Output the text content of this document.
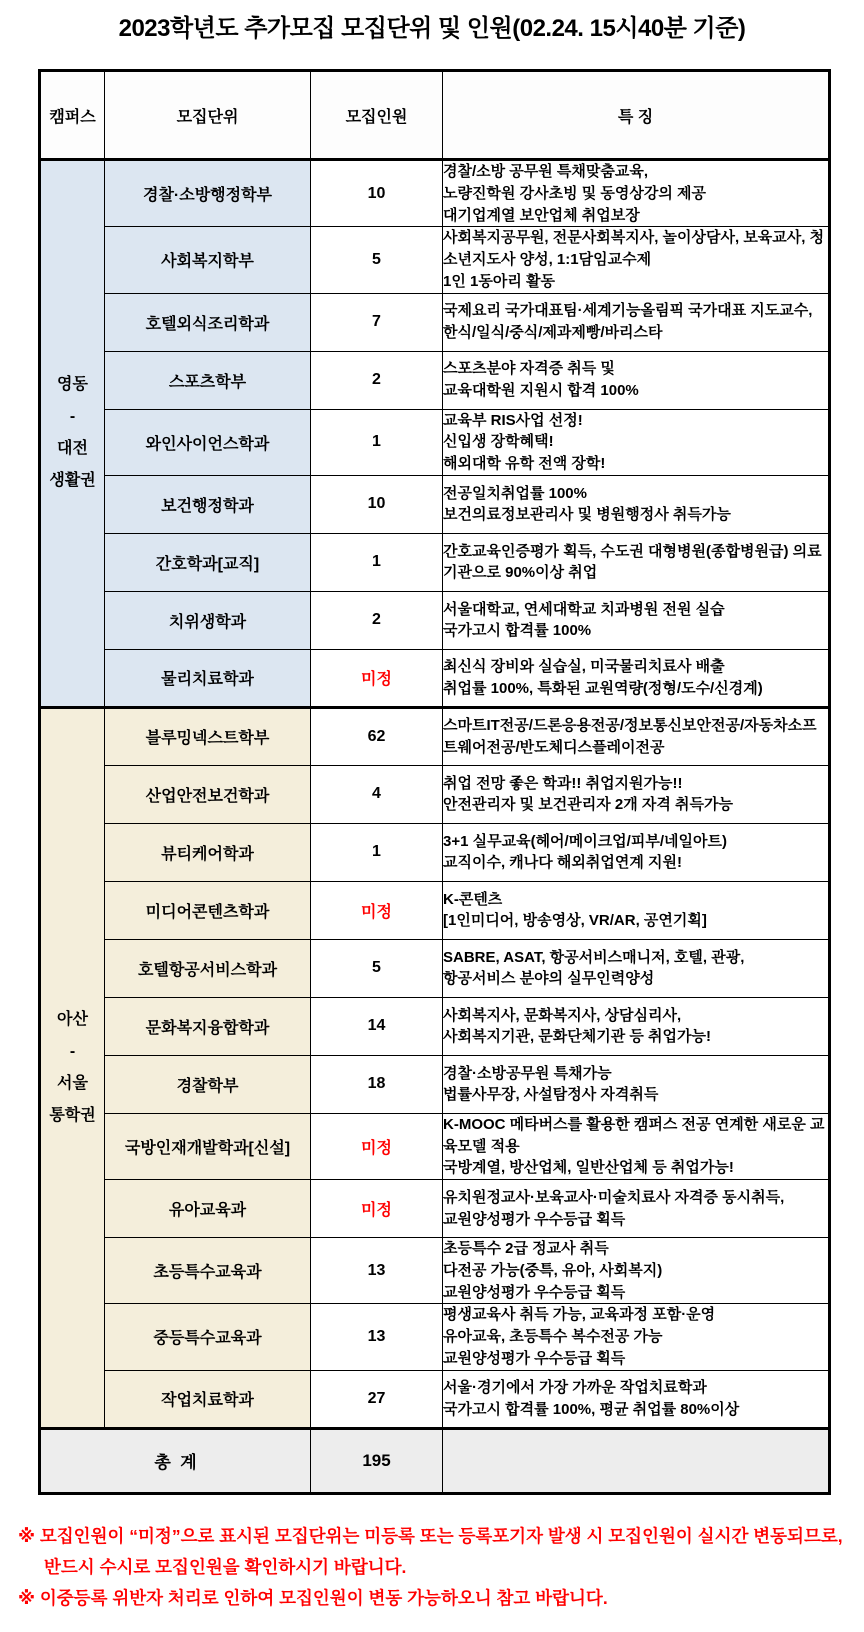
2023학년도 추가모집 모집단위 및 인원(02.24. 15시40분 기준)
캠퍼스	모집단위	모집인원	특 징

영동
-
대전
생활권
	경찰·소방행정학부	10	
경찰/소방 공무원 특채맞춤교육,
노량진학원 강사초빙 및 동영상강의 제공
대기업계열 보안업체 취업보장

	사회복지학부	5	사회복지공무원, 전문사회복지사, 놀이상담사, 보육교사, 청소년지도사 양성, 1:1담임교수제
1인 1동아리 활동

	호텔외식조리학과	7	국제요리 국가대표팀·세계기능올림픽 국가대표 지도교수, 한식/일식/중식/제과제빵/바리스타

	스포츠학부	2	스포츠분야 자격증 취득 및
교육대학원 지원시 합격 100%

	와인사이언스학과	1	교육부 RIS사업 선정!
신입생 장학혜택!
해외대학 유학 전액 장학!

	보건행정학과	10	전공일치취업률 100%
보건의료정보관리사 및 병원행정사 취득가능

	간호학과[교직]	1	간호교육인증평가 획득, 수도권 대형병원(종합병원급) 의료기관으로 90%이상 취업

	치위생학과	2	서울대학교, 연세대학교 치과병원 전원 실습
국가고시 합격률 100%

	물리치료학과	미정	최신식 장비와 실습실, 미국물리치료사 배출
취업률 100%, 특화된 교원역량(정형/도수/신경계)

아산
-
서울
통학권	블루밍넥스트학부	62	스마트IT전공/드론응용전공/정보통신보안전공/자동차소프트웨어전공/반도체디스플레이전공

	산업안전보건학과	4	취업 전망 좋은 학과!! 취업지원가능!!
안전관리자 및 보건관리자 2개 자격 취득가능

	뷰티케어학과	1	3+1 실무교육(헤어/메이크업/피부/네일아트)
교직이수, 캐나다 해외취업연계 지원!

	미디어콘텐츠학과	미정	K-콘텐츠
[1인미디어, 방송영상, VR/AR, 공연기획]

	호텔항공서비스학과	5	SABRE, ASAT, 항공서비스매니저, 호텔, 관광,
항공서비스 분야의 실무인력양성

	문화복지융합학과	14	사회복지사, 문화복지사, 상담심리사,
사회복지기관, 문화단체기관 등 취업가능!

	경찰학부	18	경찰·소방공무원 특채가능
법률사무장, 사설탐정사 자격취득

	국방인재개발학과[신설]	미정	K-MOOC 메타버스를 활용한 캠퍼스 전공 연계한 새로운 교육모델 적용
국방계열, 방산업체, 일반산업체 등 취업가능!

	유아교육과	미정	유치원정교사·보육교사·미술치료사 자격증 동시취득,
교원양성평가 우수등급 획득

	초등특수교육과	13	초등특수 2급 정교사 취득
다전공 가능(중특, 유아, 사회복지)
교원양성평가 우수등급 획득

	중등특수교육과	13	평생교육사 취득 가능, 교육과정 포함·운영
유아교육, 초등특수 복수전공 가능
교원양성평가 우수등급 획득

	작업치료학과	27	서울·경기에서 가장 가까운 작업치료학과
국가고시 합격률 100%, 평균 취업률 80%이상

총  계		195	
※ 모집인원이 “미정”으로 표시된 모집단위는 미등록 또는 등록포기자 발생 시 모집인원이 실시간 변동되므로,
반드시 수시로 모집인원을 확인하시기 바랍니다.
※ 이중등록 위반자 처리로 인하여 모집인원이 변동 가능하오니 참고 바랍니다.
